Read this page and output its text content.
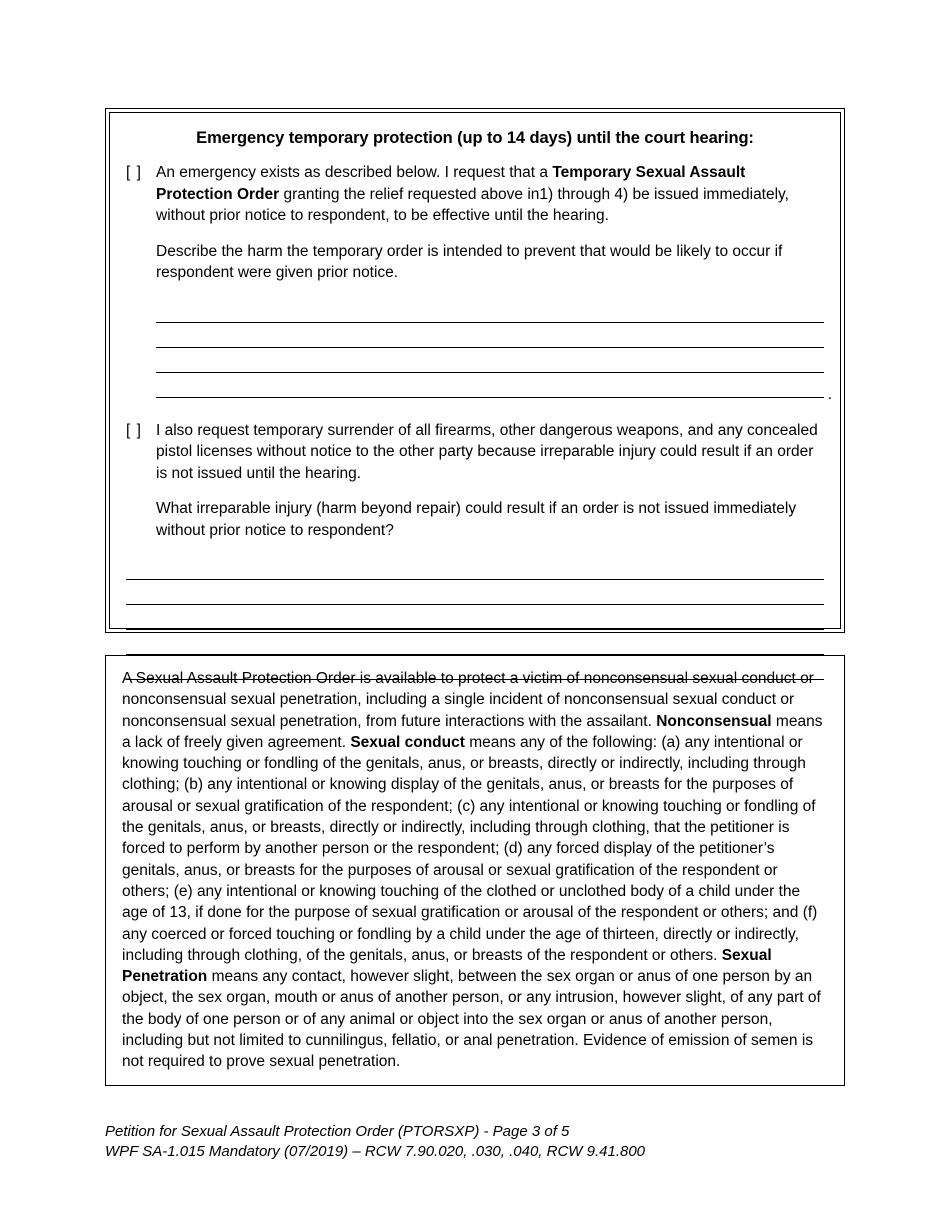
Emergency temporary protection (up to 14 days) until the court hearing:
[ ] An emergency exists as described below. I request that a Temporary Sexual Assault Protection Order granting the relief requested above in1) through 4) be issued immediately, without prior notice to respondent, to be effective until the hearing.
Describe the harm the temporary order is intended to prevent that would be likely to occur if respondent were given prior notice.
.
[ ] I also request temporary surrender of all firearms, other dangerous weapons, and any concealed pistol licenses without notice to the other party because irreparable injury could result if an order is not issued until the hearing.
What irreparable injury (harm beyond repair) could result if an order is not issued immediately without prior notice to respondent?

A Sexual Assault Protection Order is available to protect a victim of nonconsensual sexual conduct or nonconsensual sexual penetration, including a single incident of nonconsensual sexual conduct or nonconsensual sexual penetration, from future interactions with the assailant. Nonconsensual means a lack of freely given agreement. Sexual conduct means any of the following: (a) any intentional or knowing touching or fondling of the genitals, anus, or breasts, directly or indirectly, including through clothing; (b) any intentional or knowing display of the genitals, anus, or breasts for the purposes of arousal or sexual gratification of the respondent; (c) any intentional or knowing touching or fondling of the genitals, anus, or breasts, directly or indirectly, including through clothing, that the petitioner is forced to perform by another person or the respondent; (d) any forced display of the petitioner’s genitals, anus, or breasts for the purposes of arousal or sexual gratification of the respondent or others; (e) any intentional or knowing touching of the clothed or unclothed body of a child under the age of 13, if done for the purpose of sexual gratification or arousal of the respondent or others; and (f) any coerced or forced touching or fondling by a child under the age of thirteen, directly or indirectly, including through clothing, of the genitals, anus, or breasts of the respondent or others. Sexual Penetration means any contact, however slight, between the sex organ or anus of one person by an object, the sex organ, mouth or anus of another person, or any intrusion, however slight, of any part of the body of one person or of any animal or object into the sex organ or anus of another person, including but not limited to cunnilingus, fellatio, or anal penetration. Evidence of emission of semen is not required to prove sexual penetration.

Petition for Sexual Assault Protection Order (PTORSXP) - Page 3 of 5
WPF SA-1.015 Mandatory (07/2019) – RCW 7.90.020, .030, .040, RCW 9.41.800
